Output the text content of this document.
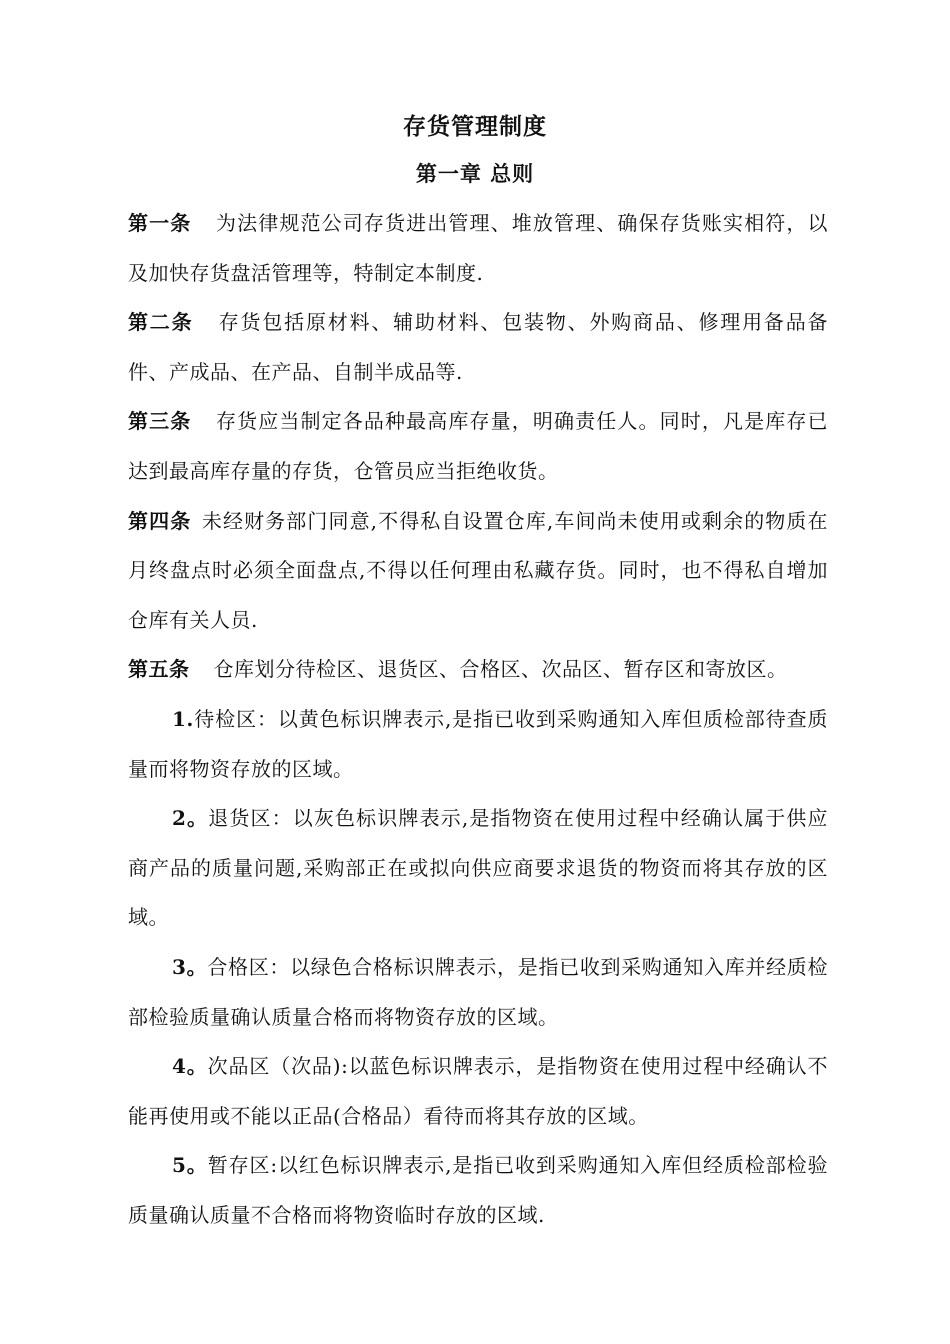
存货管理制度
第一章 总则

第一条 为法律规范公司存货进出管理、堆放管理、确保存货账实相符，以及加快存货盘活管理等，特制定本制度.

第二条 存货包括原材料、辅助材料、包装物、外购商品、修理用备品备件、产成品、在产品、自制半成品等.

第三条 存货应当制定各品种最高库存量，明确责任人。同时，凡是库存已达到最高库存量的存货，仓管员应当拒绝收货。

第四条 未经财务部门同意,不得私自设置仓库,车间尚未使用或剩余的物质在月终盘点时必须全面盘点,不得以任何理由私藏存货。同时，也不得私自增加仓库有关人员.

第五条 仓库划分待检区、退货区、合格区、次品区、暂存区和寄放区。

1.待检区：以黄色标识牌表示,是指已收到采购通知入库但质检部待查质量而将物资存放的区域。

2。退货区：以灰色标识牌表示,是指物资在使用过程中经确认属于供应商产品的质量问题,采购部正在或拟向供应商要求退货的物资而将其存放的区域。

3。合格区：以绿色合格标识牌表示，是指已收到采购通知入库并经质检部检验质量确认质量合格而将物资存放的区域。

4。次品区（次品):以蓝色标识牌表示，是指物资在使用过程中经确认不能再使用或不能以正品(合格品）看待而将其存放的区域。

5。暂存区:以红色标识牌表示,是指已收到采购通知入库但经质检部检验质量确认质量不合格而将物资临时存放的区域.
